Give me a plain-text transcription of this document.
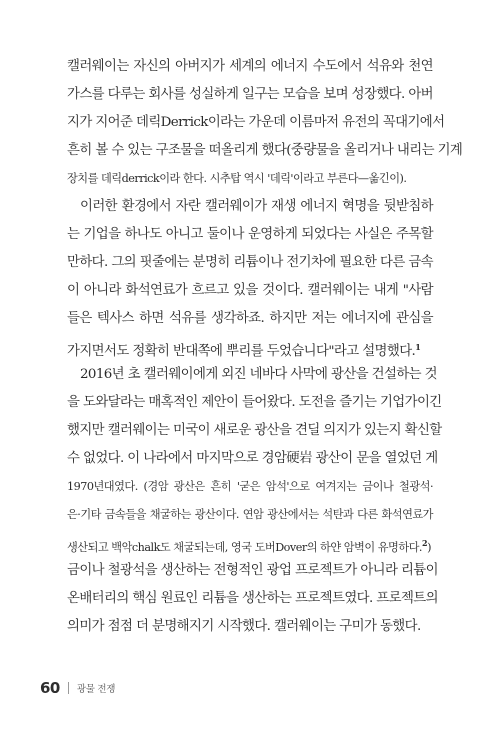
캘러웨이는 자신의 아버지가 세계의 에너지 수도에서 석유와 천연
가스를 다루는 회사를 성실하게 일구는 모습을 보며 성장했다. 아버
지가 지어준 데릭Derrick이라는 가운데 이름마저 유전의 꼭대기에서
흔히 볼 수 있는 구조물을 떠올리게 했다(중량물을 올리거나 내리는 기계
장치를 데릭derrick이라 한다. 시추탑 역시 '데릭'이라고 부른다—옮긴이).
이러한 환경에서 자란 캘러웨이가 재생 에너지 혁명을 뒷받침하
는 기업을 하나도 아니고 둘이나 운영하게 되었다는 사실은 주목할
만하다. 그의 핏줄에는 분명히 리튬이나 전기차에 필요한 다른 금속
이 아니라 화석연료가 흐르고 있을 것이다. 캘러웨이는 내게 "사람
들은 텍사스 하면 석유를 생각하죠. 하지만 저는 에너지에 관심을
가지면서도 정확히 반대쪽에 뿌리를 두었습니다"라고 설명했다.$^1$
2016년 초 캘러웨이에게 외진 네바다 사막에 광산을 건설하는 것
을 도와달라는 매혹적인 제안이 들어왔다. 도전을 즐기는 기업가이긴
했지만 캘러웨이는 미국이 새로운 광산을 견딜 의지가 있는지 확신할
수 없었다. 이 나라에서 마지막으로 경암硬岩 광산이 문을 열었던 게
1970년대였다. (경암 광산은 흔히 '굳은 암석'으로 여겨지는 금이나 철광석·
은·기타 금속들을 채굴하는 광산이다. 연암 광산에서는 석탄과 다른 화석연료가
생산되고 백악chalk도 채굴되는데, 영국 도버Dover의 하얀 암벽이 유명하다.$^2$)
금이나 철광석을 생산하는 전형적인 광업 프로젝트가 아니라 리튬이
온배터리의 핵심 원료인 리튬을 생산하는 프로젝트였다. 프로젝트의
의미가 점점 더 분명해지기 시작했다. 캘러웨이는 구미가 동했다.
60 광물 전쟁
